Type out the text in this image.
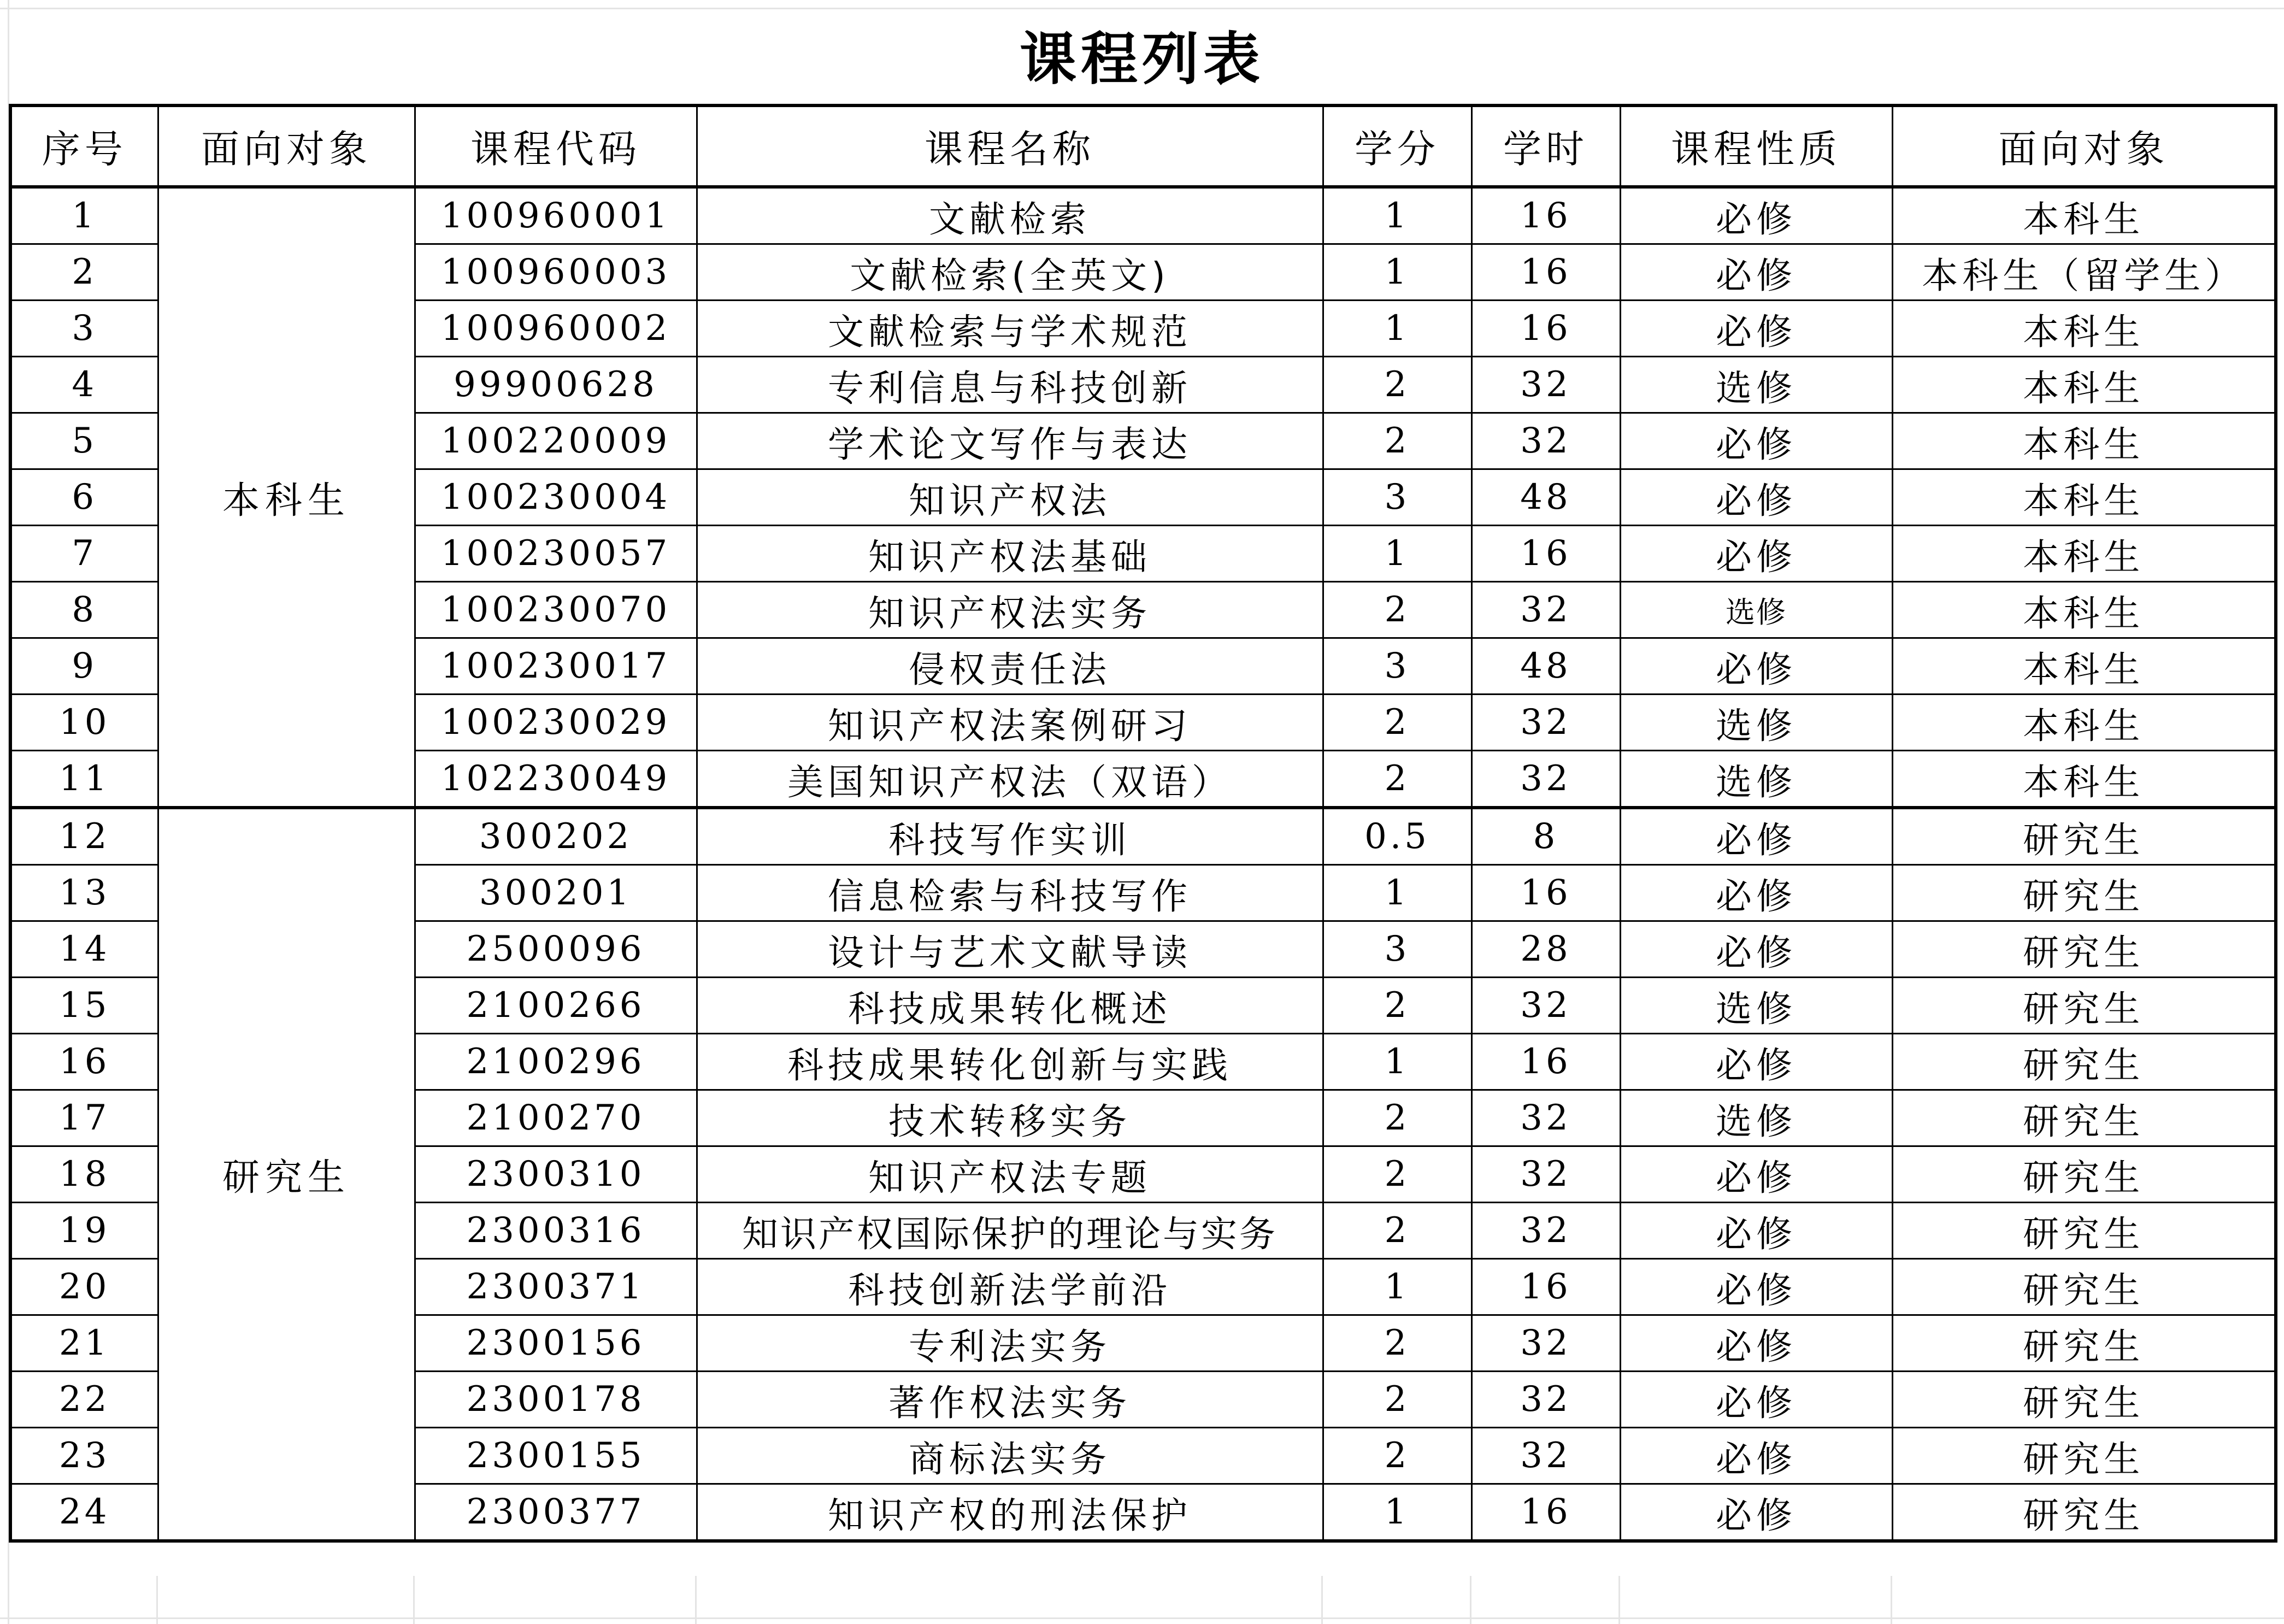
课程列表
序号	面向对象	课程代码	课程名称	学分	学时	课程性质	面向对象
1	本科生	100960001	文献检索	1	16	必修	本科生
2		100960003	文献检索(全英文)	1	16	必修	本科生（留学生）
3		100960002	文献检索与学术规范	1	16	必修	本科生
4		99900628	专利信息与科技创新	2	32	选修	本科生
5		100220009	学术论文写作与表达	2	32	必修	本科生
6		100230004	知识产权法	3	48	必修	本科生
7		100230057	知识产权法基础	1	16	必修	本科生
8		100230070	知识产权法实务	2	32	选修	本科生
9		100230017	侵权责任法	3	48	必修	本科生
10		100230029	知识产权法案例研习	2	32	选修	本科生
11		102230049	美国知识产权法（双语）	2	32	选修	本科生
12	研究生	300202	科技写作实训	0.5	8	必修	研究生
13		300201	信息检索与科技写作	1	16	必修	研究生
14		2500096	设计与艺术文献导读	3	28	必修	研究生
15		2100266	科技成果转化概述	2	32	选修	研究生
16		2100296	科技成果转化创新与实践	1	16	必修	研究生
17		2100270	技术转移实务	2	32	选修	研究生
18		2300310	知识产权法专题	2	32	必修	研究生
19		2300316	知识产权国际保护的理论与实务	2	32	必修	研究生
20		2300371	科技创新法学前沿	1	16	必修	研究生
21		2300156	专利法实务	2	32	必修	研究生
22		2300178	著作权法实务	2	32	必修	研究生
23		2300155	商标法实务	2	32	必修	研究生
24		2300377	知识产权的刑法保护	1	16	必修	研究生
